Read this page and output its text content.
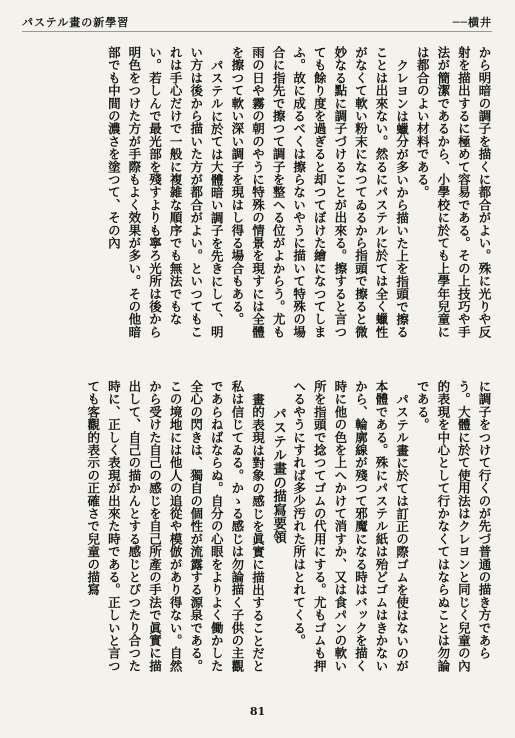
パステル畫の新學習	──横井

から明暗の調子を描くに都合がよい。殊に光りや反射を描出するに極めて容易である。その上技巧や手法が簡潔であるから、小學校に於ても上學年兒童には都合のよい材料である。

クレヨンは蠟分が多いから描いた上を指頭で擦ることは出來ない。然るにパステルに於ては全く蠟性がなくて軟い粉末になつてゐるから指頭で擦ると微妙なる點に調子づけることが出來る。擦すると言つても餘り度を過ぎると却つてぼけた繪になつてしまふ。故に成るべくは擦らないやうに描いて特殊の場合に指先で擦つて調子を整へる位がよからう。尤も雨の日や霧の朝のやうに特殊の情景を現すには全體を擦つて軟い深い調子を現はし得る場合もある。

パステルに於ては大體暗い調子を先きにして、明い方は後から描いた方が都合がよい。といつてもこれは手心だけで一般に複雑な順序でも無法でもない。若しんで最光部を殘すよりも寧ろ光所は後から明色をつけた方が手際もよく效果が多い。その他暗部でも中間の濃さを塗つて、その內

に調子をつけて行くのが先づ普通の描き方であらう。大體に於て使用法はクレヨンと同じく兒童の內的表現を中心として行かなくてはならぬことは勿論である。

パステル畫に於ては訂正の際ゴムを使はないのが本體である。殊にパステル紙は殆どゴムはきかないから、輪廓線が殘つて邪魔になる時はバックを描く時に他の色を上へかけて消すか、又は食パンの軟い所を指頭で捻つてゴムの代用にする。尤もゴムも押へるやうにすれば多少汚れた所はとれてくる。

パステル畫の描寫要領

畫的表現は對象の感じを眞實に描出することだと私は信じてゐる。かゝる感じは勿論描く子供の主觀であらねばならぬ。自分の心眼をよりよく働かした全心の閃きは、獨自の個性が流露する源泉である。この境地には他人の追從や模倣があり得ない。自然から受けた自己の感じを自己所產の手法で眞實に描出して、自己の描かんとする感じとぴつたり合つた時に、正しく表現が出來た時である。正しいと言つても客觀的表示の正確さで兒童の描寫

81
